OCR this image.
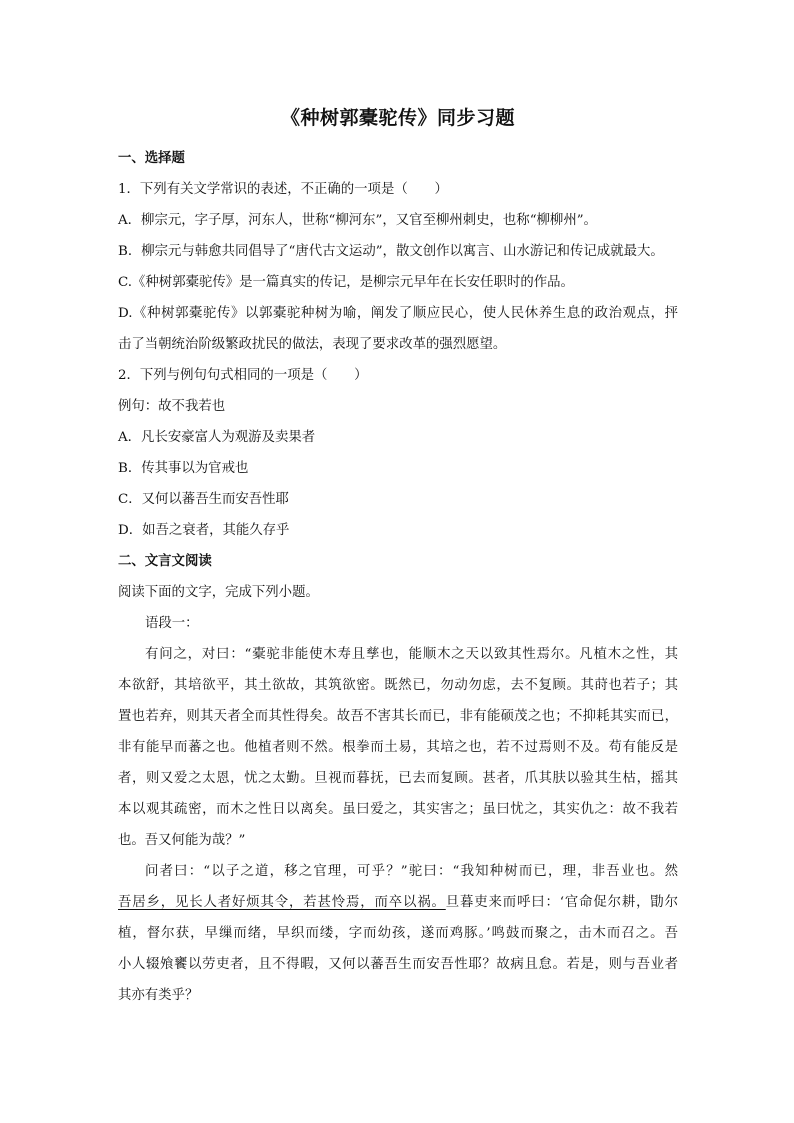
《种树郭橐驼传》同步习题

一、选择题

1．下列有关文学常识的表述，不正确的一项是（　　）

A．柳宗元，字子厚，河东人，世称“柳河东”，又官至柳州刺史，也称“柳柳州”。

B．柳宗元与韩愈共同倡导了“唐代古文运动”，散文创作以寓言、山水游记和传记成就最大。

C.《种树郭橐驼传》是一篇真实的传记，是柳宗元早年在长安任职时的作品。

D.《种树郭橐驼传》以郭橐驼种树为喻，阐发了顺应民心，使人民休养生息的政治观点，抨

击了当朝统治阶级繁政扰民的做法，表现了要求改革的强烈愿望。

2．下列与例句句式相同的一项是（　　）

例句：故不我若也

A．凡长安豪富人为观游及卖果者

B．传其事以为官戒也

C．又何以蕃吾生而安吾性耶

D．如吾之衰者，其能久存乎

二、文言文阅读

阅读下面的文字，完成下列小题。

语段一：

有问之，对曰：“橐驼非能使木寿且孳也，能顺木之天以致其性焉尔。凡植木之性，其

本欲舒，其培欲平，其土欲故，其筑欲密。既然已，勿动勿虑，去不复顾。其莳也若子；其

置也若弃，则其天者全而其性得矣。故吾不害其长而已，非有能硕茂之也；不抑耗其实而已，

非有能早而蕃之也。他植者则不然。根拳而土易，其培之也，若不过焉则不及。苟有能反是

者，则又爱之太恩，忧之太勤。旦视而暮抚，已去而复顾。甚者，爪其肤以验其生枯，摇其

本以观其疏密，而木之性日以离矣。虽曰爱之，其实害之；虽曰忧之，其实仇之：故不我若

也。吾又何能为哉？”

问者曰：“以子之道，移之官理，可乎？”驼曰：“我知种树而已，理，非吾业也。然

吾居乡，见长人者好烦其令，若甚怜焉，而卒以祸。旦暮吏来而呼曰：‘官命促尔耕，勖尔

植，督尔获，早缫而绪，早织而缕，字而幼孩，遂而鸡豚。’鸣鼓而聚之，击木而召之。吾

小人辍飧饔以劳吏者，且不得暇，又何以蕃吾生而安吾性耶？故病且怠。若是，则与吾业者

其亦有类乎？
